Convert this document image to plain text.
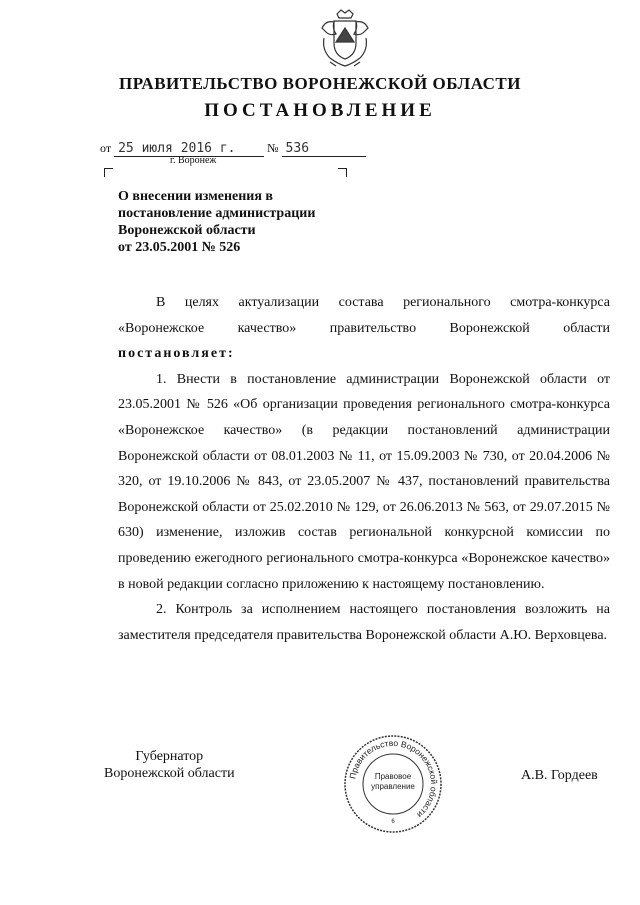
ПРАВИТЕЛЬСТВО ВОРОНЕЖСКОЙ ОБЛАСТИ
ПОСТАНОВЛЕНИЕ
от 25 июля 2016 г.	№ 536
г. Воронеж
О внесении изменения в
постановление администрации
Воронежской области
от 23.05.2001 № 526

В целях актуализации состава регионального смотра-конкурса «Воронежское качество» правительство Воронежской области постановляет:

1. Внести в постановление администрации Воронежской области от 23.05.2001 № 526 «Об организации проведения регионального смотра-конкурса «Воронежское качество» (в редакции постановлений администрации Воронежской области от 08.01.2003 № 11, от 15.09.2003 № 730, от 20.04.2006 № 320, от 19.10.2006 № 843, от 23.05.2007 № 437, постановлений правительства Воронежской области от 25.02.2010 № 129, от 26.06.2013 № 563, от 29.07.2015 № 630) изменение, изложив состав региональной конкурсной комиссии по проведению ежегодного регионального смотра-конкурса «Воронежское качество» в новой редакции согласно приложению к настоящему постановлению.

2. Контроль за исполнением настоящего постановления возложить на заместителя председателя правительства Воронежской области А.Ю. Верховцева.

Губернатор
Воронежской области	Правительство Воронежской области
Правовое
управление
6
А.В. Гордеев
